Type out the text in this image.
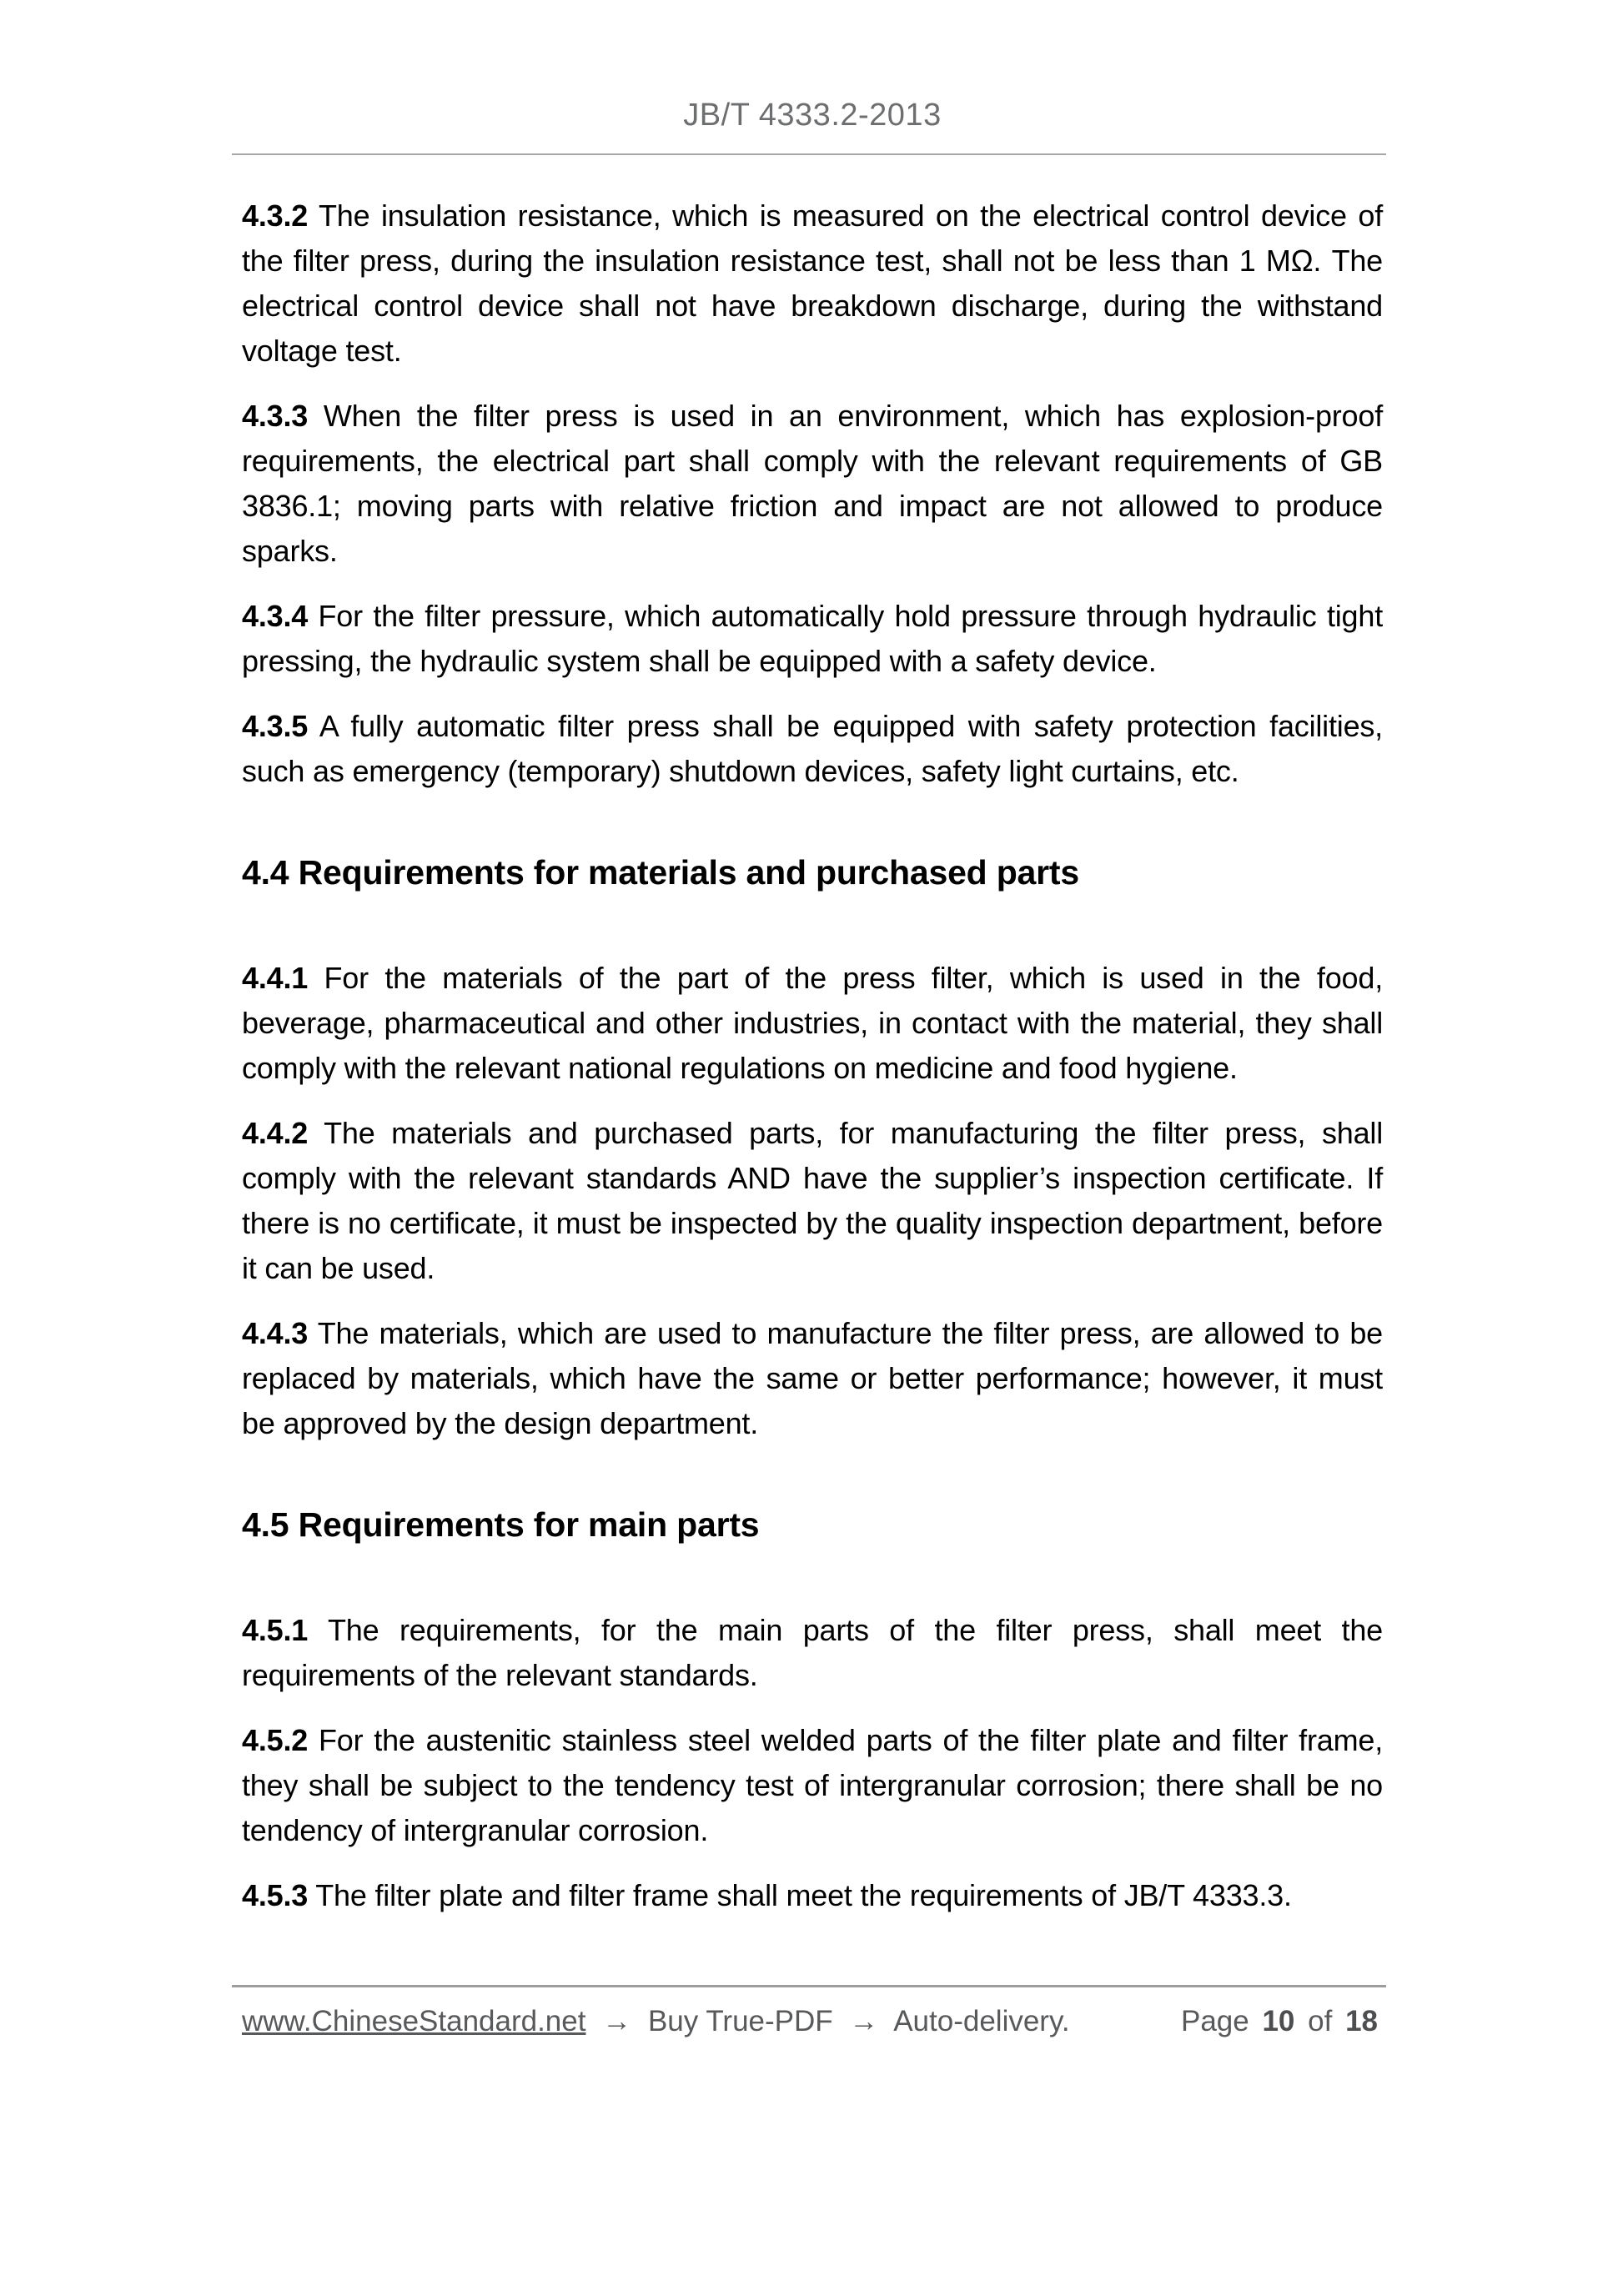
JB/T 4333.2-2013

4.3.2 The insulation resistance, which is measured on the electrical control device of the filter press, during the insulation resistance test, shall not be less than 1 MΩ. The electrical control device shall not have breakdown discharge, during the withstand voltage test.

4.3.3 When the filter press is used in an environment, which has explosion-proof requirements, the electrical part shall comply with the relevant requirements of GB 3836.1; moving parts with relative friction and impact are not allowed to produce sparks.

4.3.4 For the filter pressure, which automatically hold pressure through hydraulic tight pressing, the hydraulic system shall be equipped with a safety device.

4.3.5 A fully automatic filter press shall be equipped with safety protection facilities, such as emergency (temporary) shutdown devices, safety light curtains, etc.

4.4 Requirements for materials and purchased parts

4.4.1 For the materials of the part of the press filter, which is used in the food, beverage, pharmaceutical and other industries, in contact with the material, they shall comply with the relevant national regulations on medicine and food hygiene.

4.4.2 The materials and purchased parts, for manufacturing the filter press, shall comply with the relevant standards AND have the supplier’s inspection certificate. If there is no certificate, it must be inspected by the quality inspection department, before it can be used.

4.4.3 The materials, which are used to manufacture the filter press, are allowed to be replaced by materials, which have the same or better performance; however, it must be approved by the design department.

4.5 Requirements for main parts

4.5.1 The requirements, for the main parts of the filter press, shall meet the requirements of the relevant standards.

4.5.2 For the austenitic stainless steel welded parts of the filter plate and filter frame, they shall be subject to the tendency test of intergranular corrosion; there shall be no tendency of intergranular corrosion.

4.5.3 The filter plate and filter frame shall meet the requirements of JB/T 4333.3.

www.ChineseStandard.net → Buy True-PDF → Auto-delivery.	Page 10 of 18
